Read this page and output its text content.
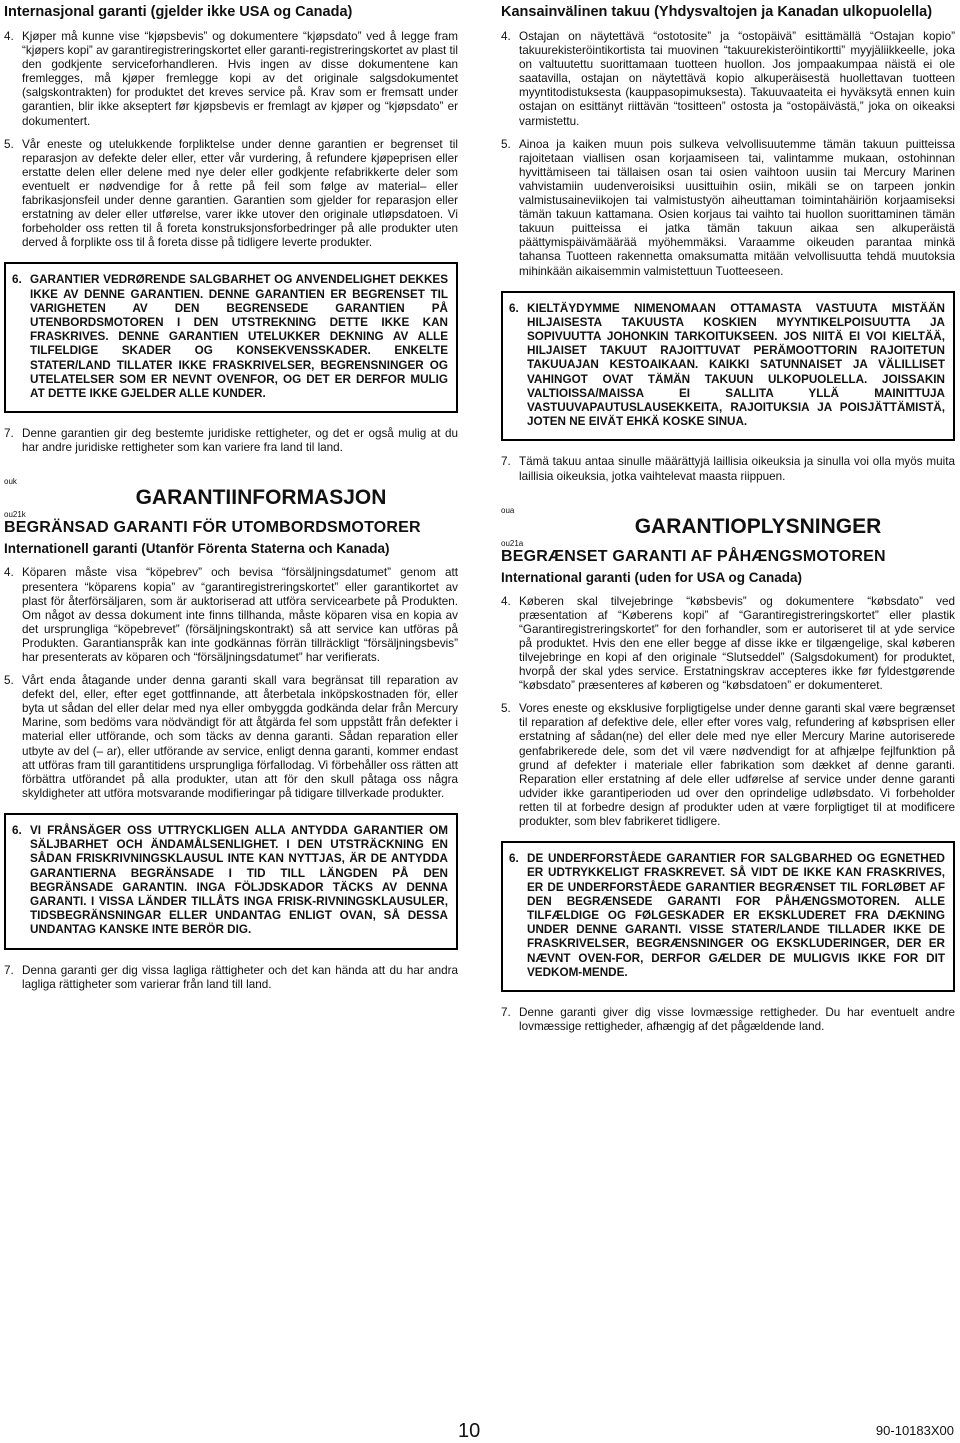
Internasjonal garanti (gjelder ikke USA og Canada)
4. Kjøper må kunne vise “kjøpsbevis” og dokumentere “kjøpsdato” ved å legge fram “kjøpers kopi” av garantiregistreringskortet eller garanti-registreringskortet av plast til den godkjente serviceforhandleren. Hvis ingen av disse dokumentene kan fremlegges, må kjøper fremlegge kopi av det originale salgsdokumentet (salgskontrakten) for produktet det kreves service på. Krav som er fremsatt under garantien, blir ikke akseptert før kjøpsbevis er fremlagt av kjøper og “kjøpsdato” er dokumentert.
5. Vår eneste og utelukkende forpliktelse under denne garantien er begrenset til reparasjon av defekte deler eller, etter vår vurdering, å refundere kjøpeprisen eller erstatte delen eller delene med nye deler eller godkjente refabrikkerte deler som eventuelt er nødvendige for å rette på feil som følge av material– eller fabrikasjonsfeil under denne garantien. Garantien som gjelder for reparasjon eller erstatning av deler eller utførelse, varer ikke utover den originale utløpsdatoen. Vi forbeholder oss retten til å foreta konstruksjonsforbedringer på alle produkter uten derved å forplikte oss til å foreta disse på tidligere leverte produkter.
6. GARANTIER VEDRØRENDE SALGBARHET OG ANVENDELIGHET DEKKES IKKE AV DENNE GARANTIEN. DENNE GARANTIEN ER BEGRENSET TIL VARIGHETEN AV DEN BEGRENSEDE GARANTIEN PÅ UTENBORDSMOTOREN I DEN UTSTREKNING DETTE IKKE KAN FRASKRIVES. DENNE GARANTIEN UTELUKKER DEKNING AV ALLE TILFELDIGE SKADER OG KONSEKVENSSKADER. ENKELTE STATER/LAND TILLATER IKKE FRASKRIVELSER, BEGRENSNINGER OG UTELATELSER SOM ER NEVNT OVENFOR, OG DET ER DERFOR MULIG AT DETTE IKKE GJELDER ALLE KUNDER.
7. Denne garantien gir deg bestemte juridiske rettigheter, og det er også mulig at du har andre juridiske rettigheter som kan variere fra land til land.
ouk
GARANTIINFORMASJON
ou21k
BEGRÄNSAD GARANTI FÖR UTOMBORDSMOTORER
Internationell garanti (Utanför Förenta Staterna och Kanada)
4. Köparen måste visa “köpebrev” och bevisa “försäljningsdatumet” genom att presentera “köparens kopia” av “garantiregistreringskortet” eller garantikortet av plast för återförsäljaren, som är auktoriserad att utföra servicearbete på Produkten. Om något av dessa dokument inte finns tillhanda, måste köparen visa en kopia av det ursprungliga “köpebrevet” (försäljningskontrakt) så att service kan utföras på Produkten. Garantianspråk kan inte godkännas förrän tillräckligt “försäljningsbevis” har presenterats av köparen och “försäljningsdatumet” har verifierats.
5. Vårt enda åtagande under denna garanti skall vara begränsat till reparation av defekt del, eller, efter eget gottfinnande, att återbetala inköpskostnaden för, eller byta ut sådan del eller delar med nya eller ombyggda godkända delar från Mercury Marine, som bedöms vara nödvändigt för att åtgärda fel som uppstått från defekter i material eller utförande, och som täcks av denna garanti. Sådan reparation eller utbyte av del (– ar), eller utförande av service, enligt denna garanti, kommer endast att utföras fram till garantitidens ursprungliga förfallodag. Vi förbehåller oss rätten att förbättra utförandet på alla produkter, utan att för den skull påtaga oss några skyldigheter att utföra motsvarande modifieringar på tidigare tillverkade produkter.
6. VI FRÅNSÄGER OSS UTTRYCKLIGEN ALLA ANTYDDA GARANTIER OM SÄLJBARHET OCH ÄNDAMÅLSENLIGHET. I DEN UTSTRÄCKNING EN SÅDAN FRISKRIVNINGSKLAUSUL INTE KAN NYTTJAS, ÄR DE ANTYDDA GARANTIERNA BEGRÄNSADE I TID TILL LÄNGDEN PÅ DEN BEGRÄNSADE GARANTIN. INGA FÖLJDSKADOR TÄCKS AV DENNA GARANTI. I VISSA LÄNDER TILLÅTS INGA FRISK-RIVNINGSKLAUSULER, TIDSBEGRÄNSNINGAR ELLER UNDANTAG ENLIGT OVAN, SÅ DESSA UNDANTAG KANSKE INTE BERÖR DIG.
7. Denna garanti ger dig vissa lagliga rättigheter och det kan hända att du har andra lagliga rättigheter som varierar från land till land.
Kansainvälinen takuu (Yhdysvaltojen ja Kanadan ulkopuolella)
4. Ostajan on näytettävä “ostotosite” ja “ostopäivä” esittämällä “Ostajan kopio” takuurekisteröintikortista tai muovinen “takuurekisteröintikortti” myyjäliikkeelle, joka on valtuutettu suorittamaan tuotteen huollon. Jos jompaakumpaa näistä ei ole saatavilla, ostajan on näytettävä kopio alkuperäisestä huollettavan tuotteen myyntitodistuksesta (kauppasopimuksesta). Takuuvaateita ei hyväksytä ennen kuin ostajan on esittänyt riittävän “tositteen” ostosta ja “ostopäivästä,” joka on oikeaksi varmistettu.
5. Ainoa ja kaiken muun pois sulkeva velvollisuutemme tämän takuun puitteissa rajoitetaan viallisen osan korjaamiseen tai, valintamme mukaan, ostohinnan hyvittämiseen tai tällaisen osan tai osien vaihtoon uusiin tai Mercury Marinen vahvistamiin uudenveroisiksi uusittuihin osiin, mikäli se on tarpeen jonkin valmistusaineviikojen tai valmistustyön aiheuttaman toimintahäiriön korjaamiseksi tämän takuun kattamana. Osien korjaus tai vaihto tai huollon suorittaminen tämän takuun puitteissa ei jatka tämän takuun aikaa sen alkuperäistä päättymispäivämäärää myöhemmäksi. Varaamme oikeuden parantaa minkä tahansa Tuotteen rakennetta omaksumatta mitään velvollisuutta tehdä muutoksia mihinkään aikaisemmin valmistettuun Tuotteeseen.
6. KIELTÄYDYMME NIMENOMAAN OTTAMASTA VASTUUTA MISTÄÄN HILJAISESTA TAKUUSTA KOSKIEN MYYNTIKELPOISUUTTA JA SOPIVUUTTA JOHONKIN TARKOITUKSEEN. JOS NIITÄ EI VOI KIELTÄÄ, HILJAISET TAKUUT RAJOITTUVAT PERÄMOOTTORIN RAJOITETUN TAKUUAJAN KESTOAIKAAN. KAIKKI SATUNNAISET JA VÄLILLISET VAHINGOT OVAT TÄMÄN TAKUUN ULKOPUOLELLA. JOISSAKIN VALTIOISSA/MAISSA EI SALLITA YLLÄ MAINITTUJA VASTUUVAPAUTUSLAUSEKKEITA, RAJOITUKSIA JA POISJÄTTÄMISTÄ, JOTEN NE EIVÄT EHKÄ KOSKE SINUA.
7. Tämä takuu antaa sinulle määrättyjä laillisia oikeuksia ja sinulla voi olla myös muita laillisia oikeuksia, jotka vaihtelevat maasta riippuen.
oua
GARANTIOPLYSNINGER
ou21a
BEGRÆNSET GARANTI AF PÅHÆNGSMOTOREN
International garanti (uden for USA og Canada)
4. Køberen skal tilvejebringe “købsbevis” og dokumentere “købsdato” ved præsentation af “Køberens kopi” af “Garantiregistreringskortet” eller plastik “Garantiregistreringskortet” for den forhandler, som er autoriseret til at yde service på produktet. Hvis den ene eller begge af disse ikke er tilgængelige, skal køberen tilvejebringe en kopi af den originale “Slutseddel” (Salgsdokument) for produktet, hvorpå der skal ydes service. Erstatningskrav accepteres ikke før fyldestgørende “købsdato” præsenteres af køberen og “købsdatoen” er dokumenteret.
5. Vores eneste og eksklusive forpligtigelse under denne garanti skal være begrænset til reparation af defektive dele, eller efter vores valg, refundering af købsprisen eller erstatning af sådan(ne) del eller dele med nye eller Mercury Marine autoriserede genfabrikerede dele, som det vil være nødvendigt for at afhjælpe fejlfunktion på grund af defekter i materiale eller fabrikation som dækket af denne garanti. Reparation eller erstatning af dele eller udførelse af service under denne garanti udvider ikke garantiperioden ud over den oprindelige udløbsdato. Vi forbeholder retten til at forbedre design af produkter uden at være forpligtiget til at modificere produkter, som blev fabrikeret tidligere.
6. DE UNDERFORSTÅEDE GARANTIER FOR SALGBARHED OG EGNETHED ER UDTRYKKELIGT FRASKREVET. SÅ VIDT DE IKKE KAN FRASKRIVES, ER DE UNDERFORSTÅEDE GARANTIER BEGRÆNSET TIL FORLØBET AF DEN BEGRÆNSEDE GARANTI FOR PÅHÆNGSMOTOREN. ALLE TILFÆLDIGE OG FØLGESKADER ER EKSKLUDERET FRA DÆKNING UNDER DENNE GARANTI. VISSE STATER/LANDE TILLADER IKKE DE FRASKRIVELSER, BEGRÆNSNINGER OG EKSKLUDERINGER, DER ER NÆVNT OVEN-FOR, DERFOR GÆLDER DE MULIGVIS IKKE FOR DIT VEDKOM-MENDE.
7. Denne garanti giver dig visse lovmæssige rettigheder. Du har eventuelt andre lovmæssige rettigheder, afhængig af det pågældende land.
10	90-10183X00
